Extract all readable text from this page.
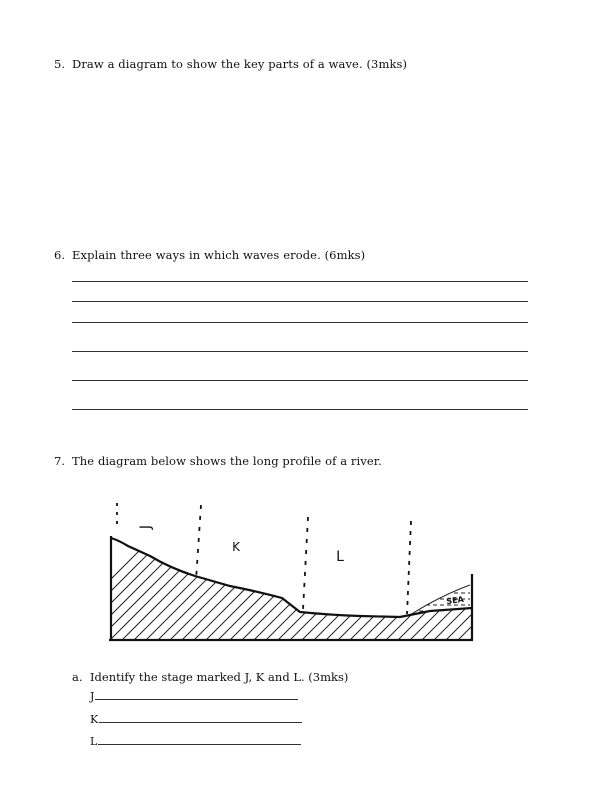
5. Draw a diagram to show the key parts of a wave. (3mks)
6. Explain three ways in which waves erode. (6mks)
7. The diagram below shows the long profile of a river.
J
K
L
SEA
a. Identify the stage marked J, K and L. (3mks)
J
K
L
